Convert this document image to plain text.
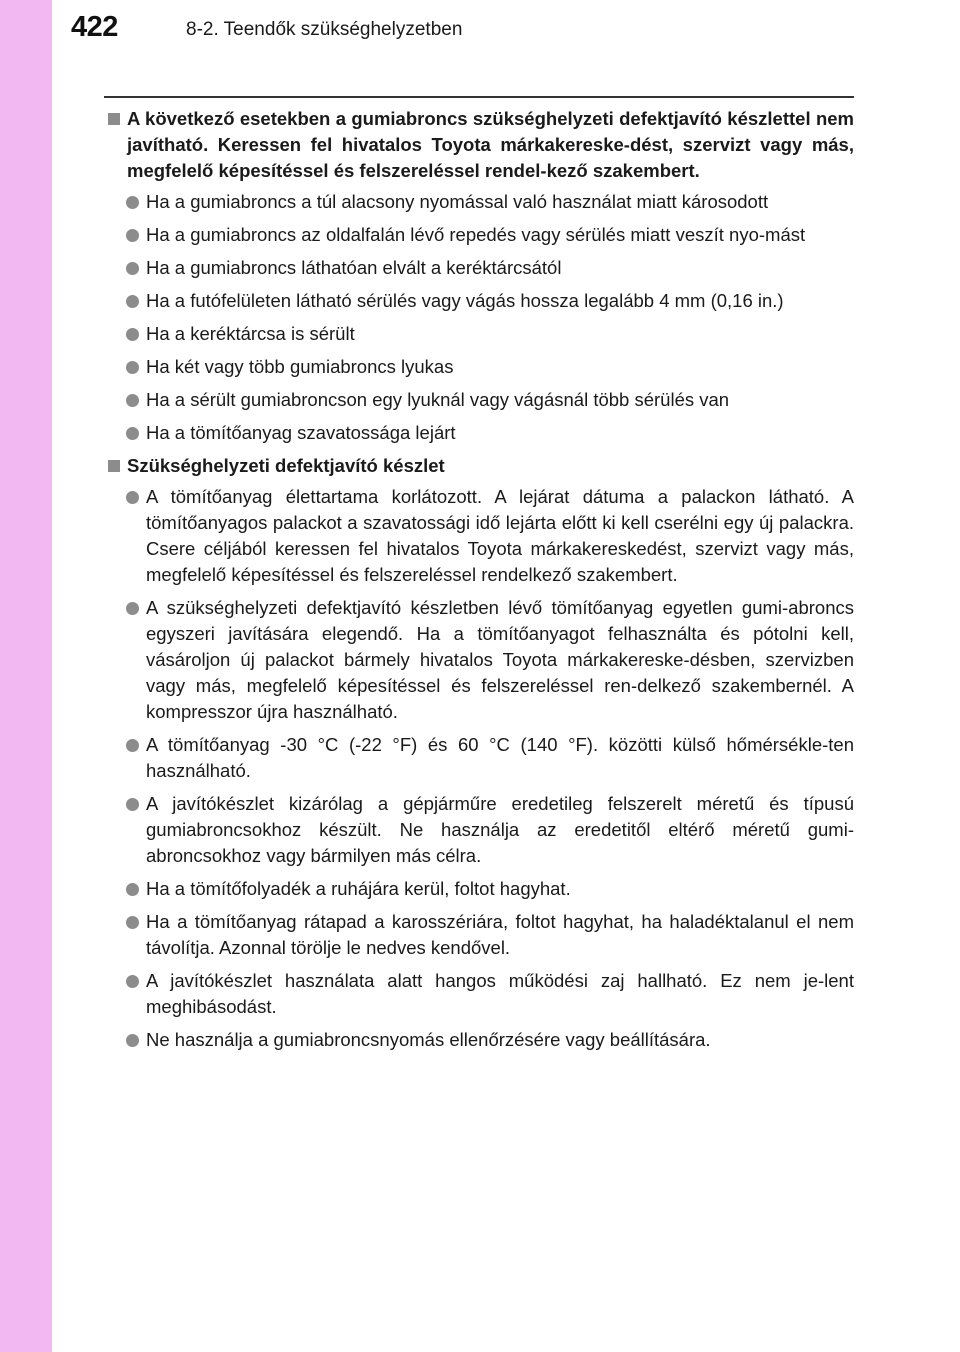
422	8-2. Teendők szükséghelyzetben
A következő esetekben a gumiabroncs szükséghelyzeti defektjavító készlettel nem javítható. Keressen fel hivatalos Toyota márkakereske-dést, szervizt vagy más, megfelelő képesítéssel és felszereléssel rendel-kező szakembert.
Ha a gumiabroncs a túl alacsony nyomással való használat miatt károsodott
Ha a gumiabroncs az oldalfalán lévő repedés vagy sérülés miatt veszít nyo-mást
Ha a gumiabroncs láthatóan elvált a keréktárcsától
Ha a futófelületen látható sérülés vagy vágás hossza legalább 4 mm (0,16 in.)
Ha a keréktárcsa is sérült
Ha két vagy több gumiabroncs lyukas
Ha a sérült gumiabroncson egy lyuknál vagy vágásnál több sérülés van
Ha a tömítőanyag szavatossága lejárt
Szükséghelyzeti defektjavító készlet
A tömítőanyag élettartama korlátozott. A lejárat dátuma a palackon látható. A tömítőanyagos palackot a szavatossági idő lejárta előtt ki kell cserélni egy új palackra. Csere céljából keressen fel hivatalos Toyota márkakereskedést, szervizt vagy más, megfelelő képesítéssel és felszereléssel rendelkező szakembert.
A szükséghelyzeti defektjavító készletben lévő tömítőanyag egyetlen gumi-abroncs egyszeri javítására elegendő. Ha a tömítőanyagot felhasználta és pótolni kell, vásároljon új palackot bármely hivatalos Toyota márkakereske-désben, szervizben vagy más, megfelelő képesítéssel és felszereléssel ren-delkező szakembernél. A kompresszor újra használható.
A tömítőanyag -30 °C (-22 °F) és 60 °C (140 °F). közötti külső hőmérsékle-ten használható.
A javítókészlet kizárólag a gépjárműre eredetileg felszerelt méretű és típusú gumiabroncsokhoz készült. Ne használja az eredetitől eltérő méretű gumi-abroncsokhoz vagy bármilyen más célra.
Ha a tömítőfolyadék a ruhájára kerül, foltot hagyhat.
Ha a tömítőanyag rátapad a karosszériára, foltot hagyhat, ha haladéktalanul el nem távolítja. Azonnal törölje le nedves kendővel.
A javítókészlet használata alatt hangos működési zaj hallható. Ez nem je-lent meghibásodást.
Ne használja a gumiabroncsnyomás ellenőrzésére vagy beállítására.
